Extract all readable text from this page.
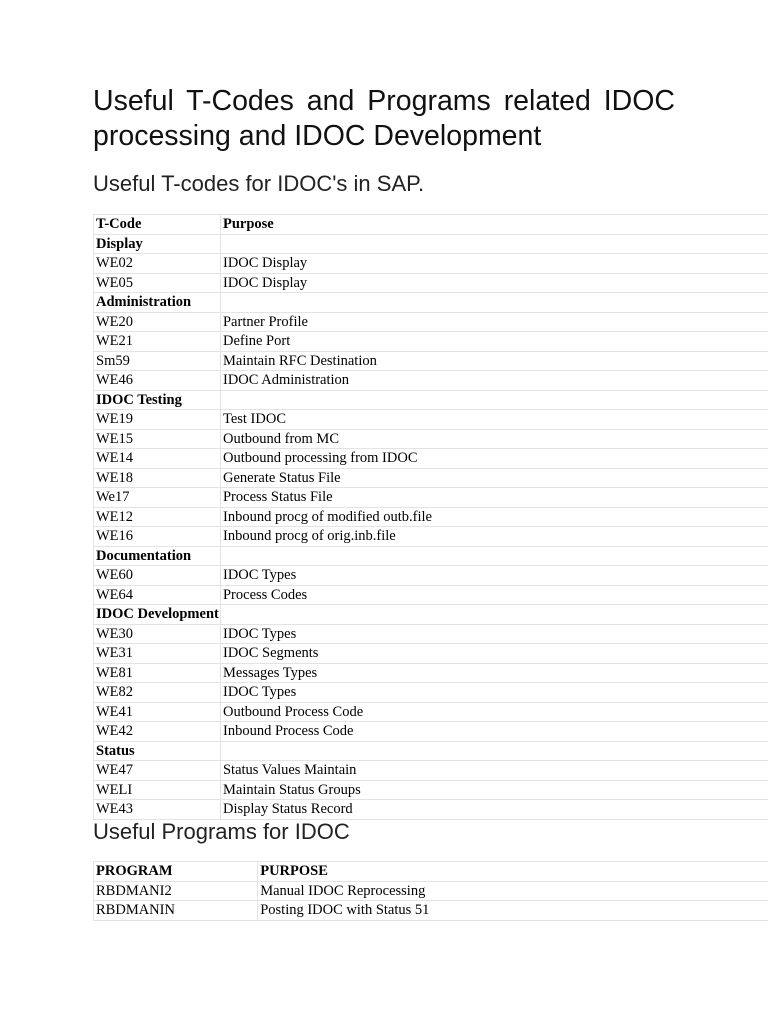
Useful T-Codes and Programs related IDOC processing and IDOC Development
Useful T-codes for IDOC's in SAP.
T-Code	Purpose
Display	
WE02	IDOC Display
WE05	IDOC Display
Administration	
WE20	Partner Profile
WE21	Define Port
Sm59	Maintain RFC Destination
WE46	IDOC Administration
IDOC Testing	
WE19	Test IDOC
WE15	Outbound from MC
WE14	Outbound processing from IDOC
WE18	Generate Status File
We17	Process Status File
WE12	Inbound procg of modified outb.file
WE16	Inbound procg of orig.inb.file
Documentation	
WE60	IDOC Types
WE64	Process Codes
IDOC Development	
WE30	IDOC Types
WE31	IDOC Segments
WE81	Messages Types
WE82	IDOC Types
WE41	Outbound Process Code
WE42	Inbound Process Code
Status	
WE47	Status Values Maintain
WELI	Maintain Status Groups
WE43	Display Status Record
Useful Programs for IDOC
PROGRAM	PURPOSE
RBDMANI2	Manual IDOC Reprocessing
RBDMANIN	Posting IDOC with Status 51
